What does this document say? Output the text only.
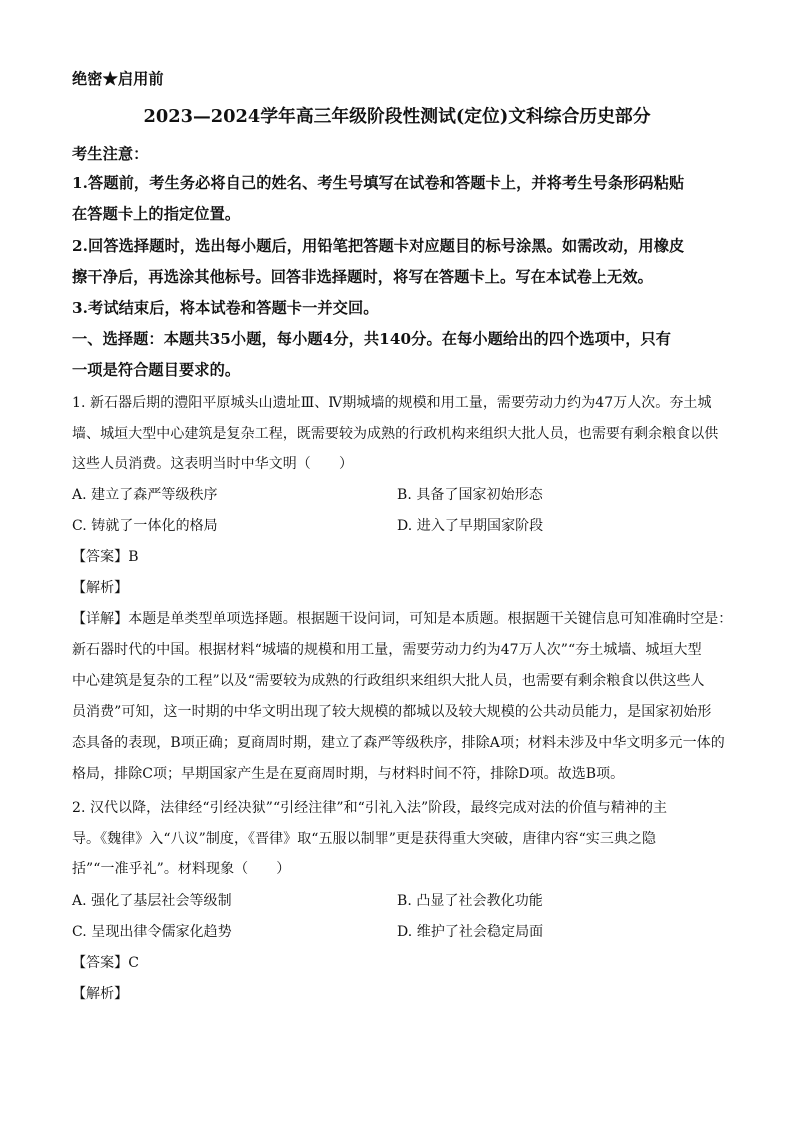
绝密★启用前
2023—2024学年高三年级阶段性测试(定位)文科综合历史部分
考生注意：
1.答题前，考生务必将自己的姓名、考生号填写在试卷和答题卡上，并将考生号条形码粘贴
在答题卡上的指定位置。
2.回答选择题时，选出每小题后，用铅笔把答题卡对应题目的标号涂黑。如需改动，用橡皮
擦干净后，再选涂其他标号。回答非选择题时，将写在答题卡上。写在本试卷上无效。
3.考试结束后，将本试卷和答题卡一并交回。
一、选择题：本题共35小题，每小题4分，共140分。在每小题给出的四个选项中，只有
一项是符合题目要求的。
1. 新石器后期的澧阳平原城头山遗址Ⅲ、Ⅳ期城墙的规模和用工量，需要劳动力约为47万人次。夯土城
墙、城垣大型中心建筑是复杂工程，既需要较为成熟的行政机构来组织大批人员，也需要有剩余粮食以供
这些人员消费。这表明当时中华文明（　　）
A. 建立了森严等级秩序	B. 具备了国家初始形态
C. 铸就了一体化的格局	D. 进入了早期国家阶段
【答案】B
【解析】
【详解】本题是单类型单项选择题。根据题干设问词，可知是本质题。根据题干关键信息可知准确时空是：
新石器时代的中国。根据材料“城墙的规模和用工量，需要劳动力约为47万人次”“夯土城墙、城垣大型
中心建筑是复杂的工程”以及“需要较为成熟的行政组织来组织大批人员，也需要有剩余粮食以供这些人
员消费”可知，这一时期的中华文明出现了较大规模的都城以及较大规模的公共动员能力，是国家初始形
态具备的表现，B项正确；夏商周时期，建立了森严等级秩序，排除A项；材料未涉及中华文明多元一体的
格局，排除C项；早期国家产生是在夏商周时期，与材料时间不符，排除D项。故选B项。
2. 汉代以降，法律经“引经决狱”“引经注律”和“引礼入法”阶段，最终完成对法的价值与精神的主
导。《魏律》入“八议”制度，《晋律》取“五服以制罪”更是获得重大突破，唐律内容“实三典之隐
括”“一准乎礼”。材料现象（　　）
A. 强化了基层社会等级制	B. 凸显了社会教化功能
C. 呈现出律令儒家化趋势	D. 维护了社会稳定局面
【答案】C
【解析】
